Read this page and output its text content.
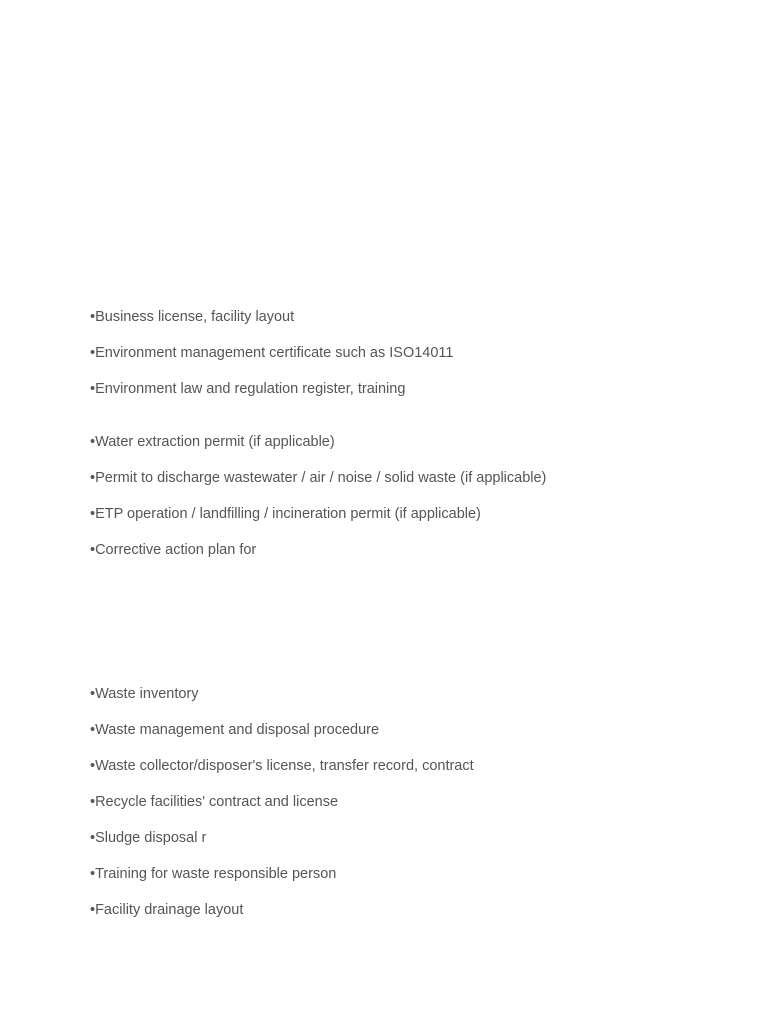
• Business license, facility layout
• Environment management certificate such as ISO14011
• Environment law and regulation register, training
• Water extraction permit (if applicable)
• Permit to discharge wastewater / air / noise / solid waste (if applicable)
• ETP operation / landfilling / incineration permit (if applicable)
• Corrective action plan for
• Waste inventory
• Waste management and disposal procedure
• Waste collector/disposer's license, transfer record, contract
• Recycle facilities' contract and license
• Sludge disposal r
• Training for waste responsible person
• Facility drainage layout
